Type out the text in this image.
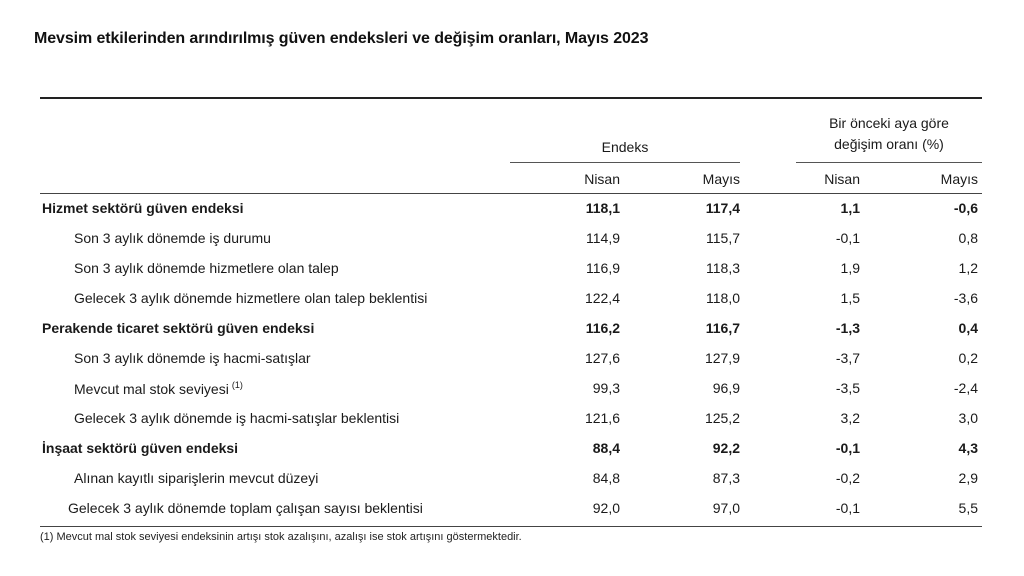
Mevsim etkilerinden arındırılmış güven endeksleri ve değişim oranları, Mayıs 2023
Endeks
Bir önceki aya göre
değişim oranı (%)
Nisan	Mayıs	Nisan	Mayıs
Hizmet sektörü güven endeksi	118,1	117,4	1,1	-0,6
Son 3 aylık dönemde iş durumu	114,9	115,7	-0,1	0,8
Son 3 aylık dönemde hizmetlere olan talep	116,9	118,3	1,9	1,2
Gelecek 3 aylık dönemde hizmetlere olan talep beklentisi	122,4	118,0	1,5	-3,6
Perakende ticaret sektörü güven endeksi	116,2	116,7	-1,3	0,4
Son 3 aylık dönemde iş hacmi-satışlar	127,6	127,9	-3,7	0,2
Mevcut mal stok seviyesi $^{(1)}$	99,3	96,9	-3,5	-2,4
Gelecek 3 aylık dönemde iş hacmi-satışlar beklentisi	121,6	125,2	3,2	3,0
İnşaat sektörü güven endeksi	88,4	92,2	-0,1	4,3
Alınan kayıtlı siparişlerin mevcut düzeyi	84,8	87,3	-0,2	2,9
Gelecek 3 aylık dönemde toplam çalışan sayısı beklentisi	92,0	97,0	-0,1	5,5
(1) Mevcut mal stok seviyesi endeksinin artışı stok azalışını, azalışı ise stok artışını göstermektedir.
